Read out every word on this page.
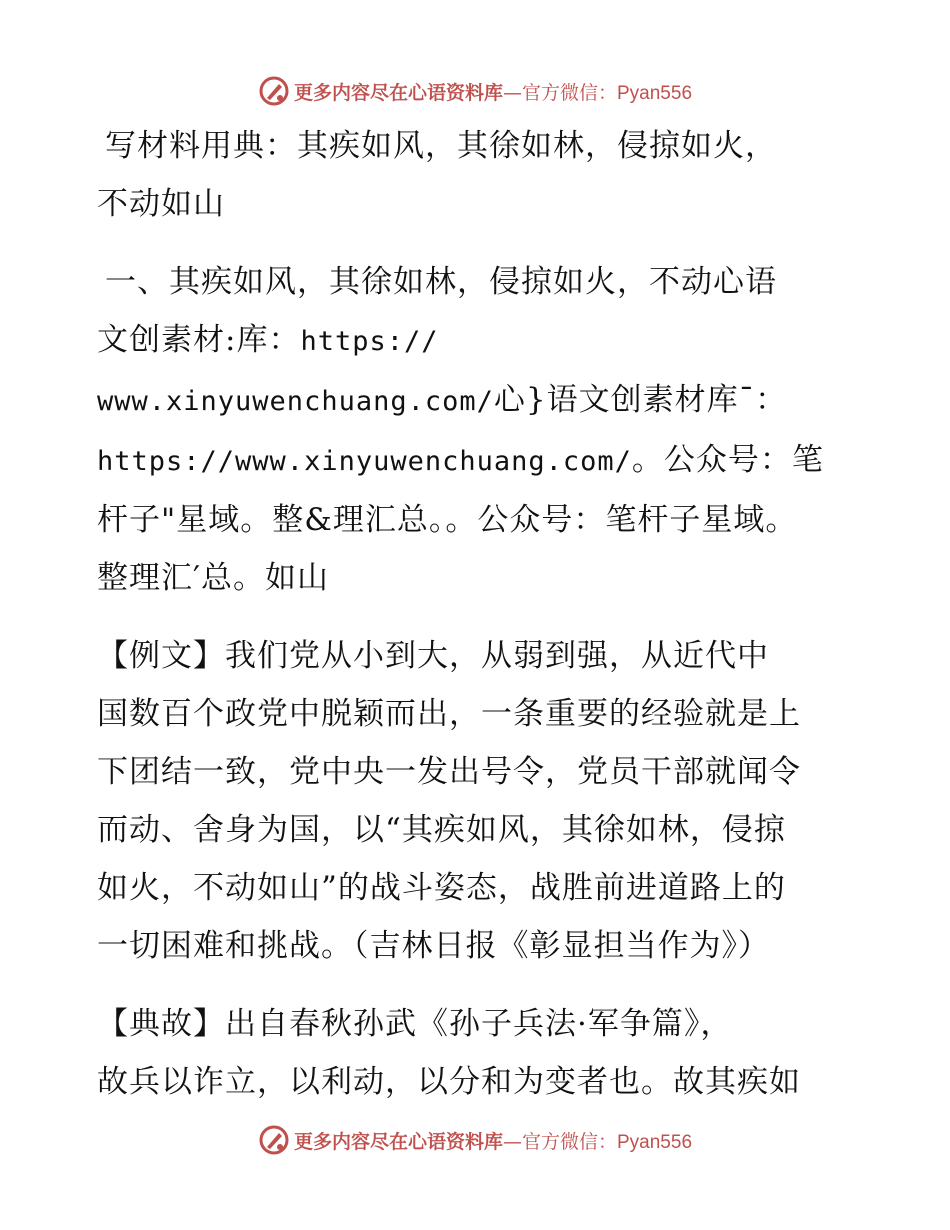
更多内容尽在心语资料库—官方微信：Pyan556

写材料用典：其疾如风，其徐如林，侵掠如火，

不动如山

一、其疾如风，其徐如林，侵掠如火，不动心语

文创素材:库：https://

www.xinyuwenchuang.com/心}语文创素材库¯：

https://www.xinyuwenchuang.com/。公众号：笔

杆子"星域。整&理汇总。。公众号：笔杆子星域。

整理汇′总。如山

【例文】我们党从小到大，从弱到强，从近代中

国数百个政党中脱颖而出，一条重要的经验就是上

下团结一致，党中央一发出号令，党员干部就闻令

而动、舍身为国，以“其疾如风，其徐如林，侵掠

如火，不动如山”的战斗姿态，战胜前进道路上的

一切困难和挑战。（吉林日报《彰显担当作为》）

【典故】出自春秋孙武《孙子兵法·军争篇》，

故兵以诈立，以利动，以分和为变者也。故其疾如

更多内容尽在心语资料库—官方微信：Pyan556
